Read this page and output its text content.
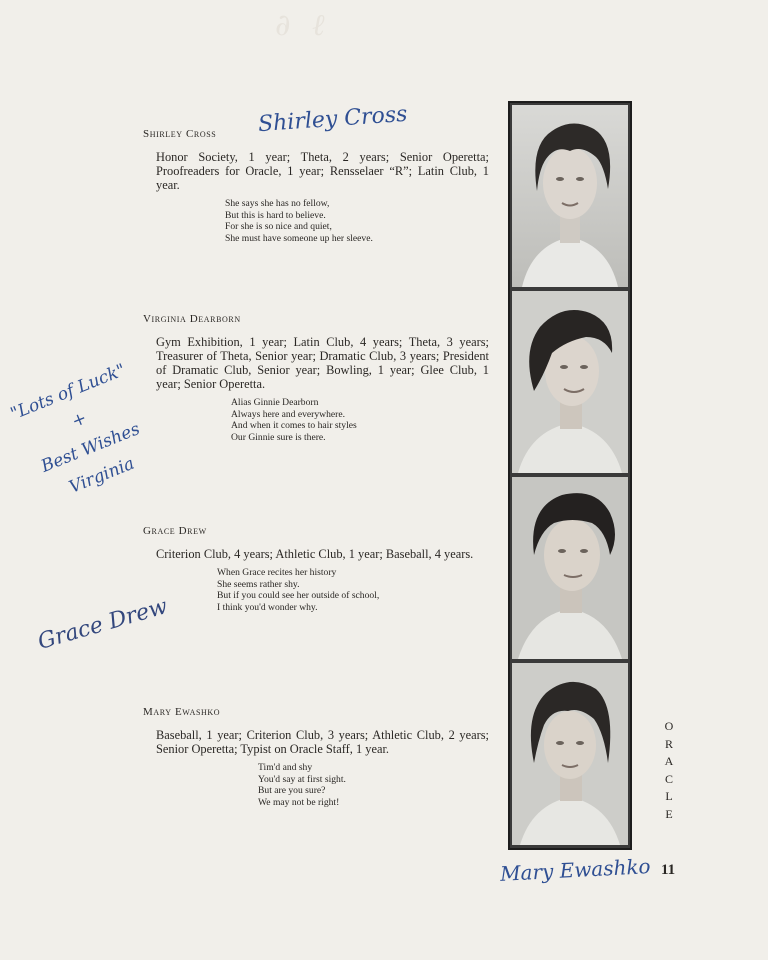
∂ ℓ
Shirley Cross
Honor Society, 1 year; Theta, 2 years; Senior Operetta; Proofreaders for Oracle, 1 year; Rensselaer “R”; Latin Club, 1 year.
She says she has no fellow,
But this is hard to believe.
For she is so nice and quiet,
She must have someone up her sleeve.
Virginia Dearborn
Gym Exhibition, 1 year; Latin Club, 4 years; Theta, 3 years; Treasurer of Theta, Senior year; Dramatic Club, 3 years; President of Dramatic Club, Senior year; Bowling, 1 year; Glee Club, 1 year; Senior Operetta.
Alias Ginnie Dearborn
Always here and everywhere.
And when it comes to hair styles
Our Ginnie sure is there.
Grace Drew
Criterion Club, 4 years; Athletic Club, 1 year; Baseball, 4 years.
When Grace recites her history
She seems rather shy.
But if you could see her outside of school,
I think you'd wonder why.
Mary Ewashko
Baseball, 1 year; Criterion Club, 3 years; Athletic Club, 2 years; Senior Operetta; Typist on Oracle Staff, 1 year.
Tim'd and shy
You'd say at first sight.
But are you sure?
We may not be right!
O
R
A
C
L
E
11
Shirley Cross
"Lots of Luck"
+
Best Wishes
Virginia
Grace Drew
Mary Ewashko
